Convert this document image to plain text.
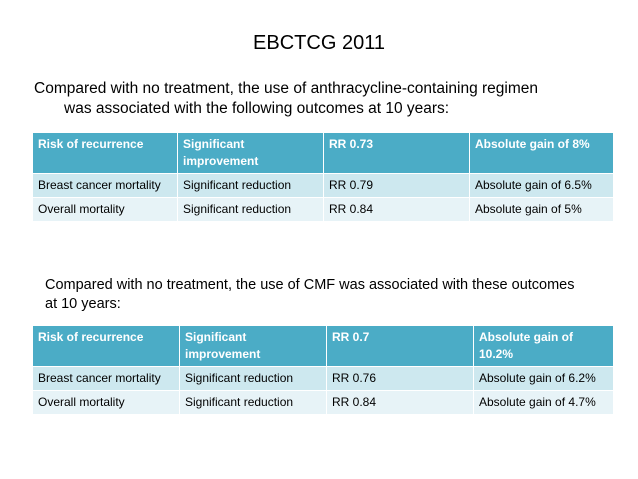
EBCTCG 2011
Compared with no treatment, the use of anthracycline-containing regimen
was associated with the following outcomes at 10 years:
Risk of recurrence	Significant improvement	RR 0.73	Absolute gain of 8%
Breast cancer mortality	Significant reduction	RR 0.79	Absolute gain of 6.5%
Overall mortality	Significant reduction	RR 0.84	Absolute gain of 5%
Compared with no treatment, the use of CMF was associated with these outcomes
at 10 years:
Risk of recurrence	Significant improvement	RR 0.7	Absolute gain of 10.2%
Breast cancer mortality	Significant reduction	RR 0.76	Absolute gain of 6.2%
Overall mortality	Significant reduction	RR 0.84	Absolute gain of 4.7%
